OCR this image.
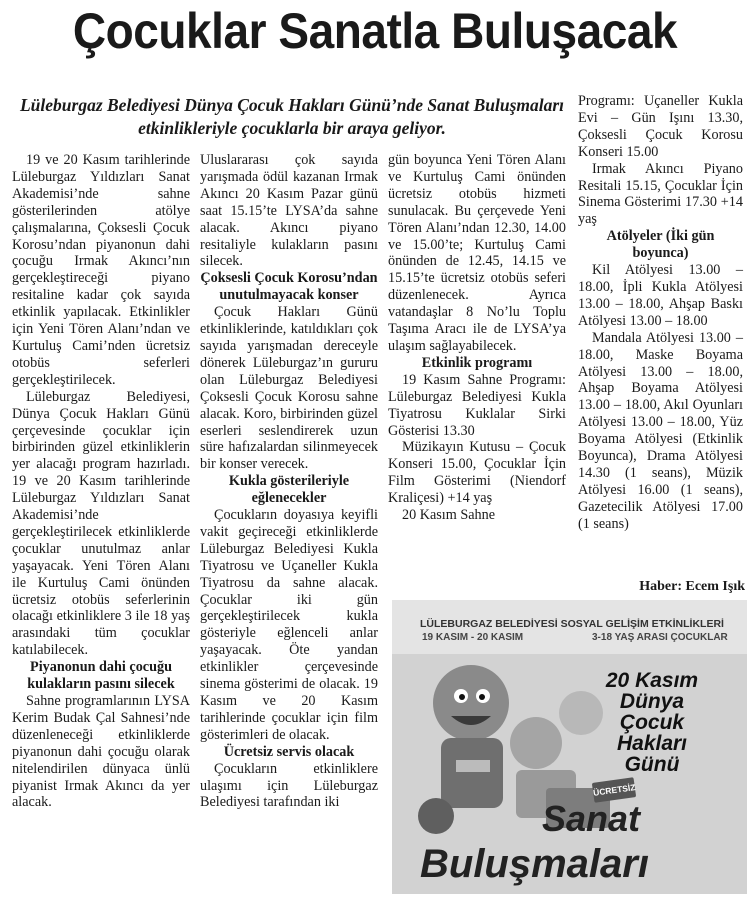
Çocuklar Sanatla Buluşacak
Lüleburgaz Belediyesi Dünya Çocuk Hakları Günü’nde Sanat Buluşmaları etkinlikleriyle çocuklarla bir araya geliyor.

19 ve 20 Kasım tarihlerinde Lüleburgaz Yıldızları Sanat Akademisi’nde sahne gösterilerinden atölye çalışmalarına, Çoksesli Çocuk Korosu’ndan piyanonun dahi çocuğu Irmak Akıncı’nın gerçekleştireceği piyano resitaline kadar çok sayıda etkinlik yapılacak. Etkinlikler için Yeni Tören Alanı’ndan ve Kurtuluş Cami’nden ücretsiz otobüs seferleri gerçekleştirilecek.

Lüleburgaz Belediyesi, Dünya Çocuk Hakları Günü çerçevesinde çocuklar için birbirinden güzel etkinliklerin yer alacağı program hazırladı. 19 ve 20 Kasım tarihlerinde Lüleburgaz Yıldızları Sanat Akademisi’nde gerçekleştirilecek etkinliklerde çocuklar unutulmaz anlar yaşayacak. Yeni Tören Alanı ile Kurtuluş Cami önünden ücretsiz otobüs seferlerinin olacağı etkinliklere 3 ile 18 yaş arasındaki tüm çocuklar katılabilecek.

Piyanonun dahi çocuğu kulakların pasını silecek

Sahne programlarının LYSA Kerim Budak Çal Sahnesi’nde düzenleneceği etkinliklerde piyanonun dahi çocuğu olarak nitelendirilen dünyaca ünlü piyanist Irmak Akıncı da yer alacak.

Uluslararası çok sayıda yarışmada ödül kazanan Irmak Akıncı 20 Kasım Pazar günü saat 15.15’te LYSA’da sahne alacak. Akıncı piyano resitaliyle kulakların pasını silecek.

Çoksesli Çocuk Korosu’ndan unutulmayacak konser

Çocuk Hakları Günü etkinliklerinde, katıldıkları çok sayıda yarışmadan dereceyle dönerek Lüleburgaz’ın gururu olan Lüleburgaz Belediyesi Çoksesli Çocuk Korosu sahne alacak. Koro, birbirinden güzel eserleri seslendirerek uzun süre hafızalardan silinmeyecek bir konser verecek.

Kukla gösterileriyle eğlenecekler

Çocukların doyasıya keyifli vakit geçireceği etkinliklerde Lüleburgaz Belediyesi Kukla Tiyatrosu ve Uçaneller Kukla Tiyatrosu da sahne alacak. Çocuklar iki gün gerçekleştirilecek kukla gösteriyle eğlenceli anlar yaşayacak. Öte yandan etkinlikler çerçevesinde sinema gösterimi de olacak. 19 Kasım ve 20 Kasım tarihlerinde çocuklar için film gösterimleri de olacak.

Ücretsiz servis olacak

Çocukların etkinliklere ulaşımı için Lüleburgaz Belediyesi tarafından iki

gün boyunca Yeni Tören Alanı ve Kurtuluş Cami önünden ücretsiz otobüs hizmeti sunulacak. Bu çerçevede Yeni Tören Alanı’ndan 12.30, 14.00 ve 15.00’te; Kurtuluş Cami önünden de 12.45, 14.15 ve 15.15’te ücretsiz otobüs seferi düzenlenecek. Ayrıca vatandaşlar 8 No’lu Toplu Taşıma Aracı ile de LYSA’ya ulaşım sağlayabilecek.

Etkinlik programı

19 Kasım Sahne Programı: Lüleburgaz Belediyesi Kukla Tiyatrosu Kuklalar Sirki Gösterisi 13.30

Müzikayın Kutusu – Çocuk Konseri 15.00, Çocuklar İçin Film Gösterimi (Niendorf Kraliçesi) +14 yaş

20 Kasım Sahne

Programı: Uçaneller Kukla Evi – Gün Işını 13.30, Çoksesli Çocuk Korosu Konseri 15.00

Irmak Akıncı Piyano Resitali 15.15, Çocuklar İçin Sinema Gösterimi 17.30 +14 yaş

Atölyeler (İki gün boyunca)

Kil Atölyesi 13.00 – 18.00, İpli Kukla Atölyesi 13.00 – 18.00, Ahşap Baskı Atölyesi 13.00 – 18.00

Mandala Atölyesi 13.00 – 18.00, Maske Boyama Atölyesi 13.00 – 18.00, Ahşap Boyama Atölyesi 13.00 – 18.00, Akıl Oyunları Atölyesi 13.00 – 18.00, Yüz Boyama Atölyesi (Etkinlik Boyunca), Drama Atölyesi 14.30 (1 seans), Müzik Atölyesi 16.00 (1 seans), Gazetecilik Atölyesi 17.00 (1 seans)

Haber: Ecem Işık
LÜLEBURGAZ BELEDİYESİ SOSYAL GELİŞİM ETKİNLİKLERİ
19 KASIM - 20 KASIM	3-18 YAŞ ARASI ÇOCUKLAR
20 Kasım
Dünya
Çocuk
Hakları
Günü
ÜCRETSİZ
Sanat
Buluşmaları
